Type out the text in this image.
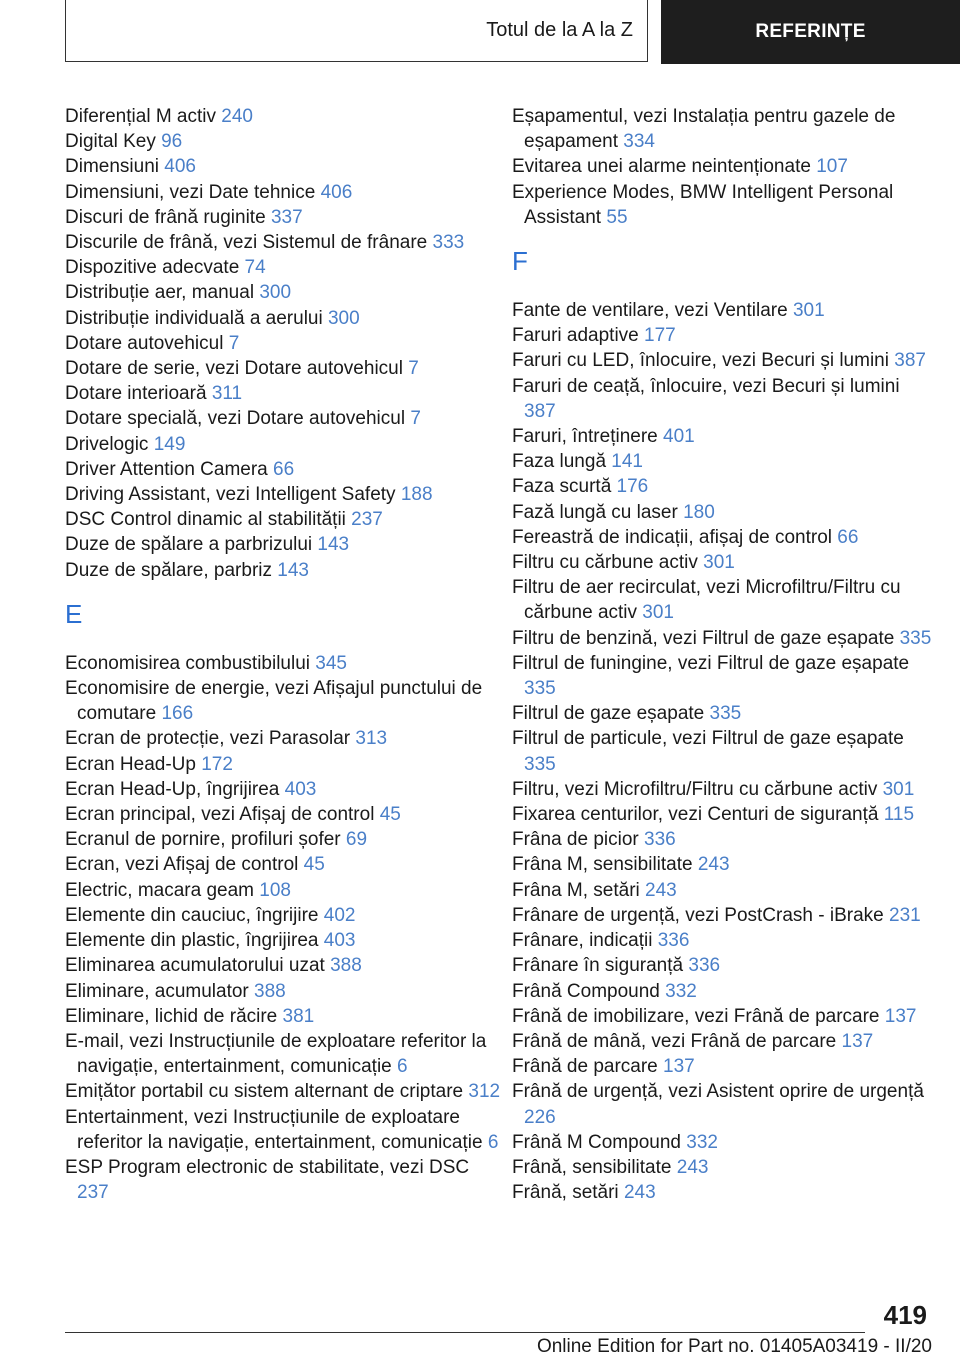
Totul de la A la Z	REFERINȚE

Diferențial M activ 240

Digital Key 96

Dimensiuni 406

Dimensiuni, vezi Date tehnice 406

Discuri de frână ruginite 337

Discurile de frână, vezi Sistemul de frânare 333

Dispozitive adecvate 74

Distribuție aer, manual 300

Distribuție individuală a aerului 300

Dotare autovehicul 7

Dotare de serie, vezi Dotare autovehicul 7

Dotare interioară 311

Dotare specială, vezi Dotare autovehicul 7

Drivelogic 149

Driver Attention Camera 66

Driving Assistant, vezi Intelligent Safety 188

DSC Control dinamic al stabilității 237

Duze de spălare a parbrizului 143

Duze de spălare, parbriz 143

E

Economisirea combustibilului 345

Economisire de energie, vezi Afișajul punctului de comutare 166

Ecran de protecție, vezi Parasolar 313

Ecran Head-Up 172

Ecran Head-Up, îngrijirea 403

Ecran principal, vezi Afișaj de control 45

Ecranul de pornire, profiluri șofer 69

Ecran, vezi Afișaj de control 45

Electric, macara geam 108

Elemente din cauciuc, îngrijire 402

Elemente din plastic, îngrijirea 403

Eliminarea acumulatorului uzat 388

Eliminare, acumulator 388

Eliminare, lichid de răcire 381

E-mail, vezi Instrucțiunile de exploatare referitor la navigație, entertainment, comunicație 6

Emițător portabil cu sistem alternant de criptare 312

Entertainment, vezi Instrucțiunile de exploatare referitor la navigație, entertainment, comunicație 6

ESP Program electronic de stabilitate, vezi DSC 237

Eșapamentul, vezi Instalația pentru gazele de eșapament 334

Evitarea unei alarme neintenționate 107

Experience Modes, BMW Intelligent Personal Assistant 55

F

Fante de ventilare, vezi Ventilare 301

Faruri adaptive 177

Faruri cu LED, înlocuire, vezi Becuri și lumini 387

Faruri de ceață, înlocuire, vezi Becuri și lumini 387

Faruri, întreținere 401

Faza lungă 141

Faza scurtă 176

Fază lungă cu laser 180

Fereastră de indicații, afișaj de control 66

Filtru cu cărbune activ 301

Filtru de aer recirculat, vezi Microfiltru/Filtru cu cărbune activ 301

Filtru de benzină, vezi Filtrul de gaze eșapate 335

Filtrul de funingine, vezi Filtrul de gaze eșapate 335

Filtrul de gaze eșapate 335

Filtrul de particule, vezi Filtrul de gaze eșapate 335

Filtru, vezi Microfiltru/Filtru cu cărbune activ 301

Fixarea centurilor, vezi Centuri de siguranță 115

Frâna de picior 336

Frâna M, sensibilitate 243

Frâna M, setări 243

Frânare de urgență, vezi PostCrash - iBrake 231

Frânare, indicații 336

Frânare în siguranță 336

Frână Compound 332

Frână de imobilizare, vezi Frână de parcare 137

Frână de mână, vezi Frână de parcare 137

Frână de parcare 137

Frână de urgență, vezi Asistent oprire de urgență 226

Frână M Compound 332

Frână, sensibilitate 243

Frână, setări 243

419
Online Edition for Part no. 01405A03419 - II/20
